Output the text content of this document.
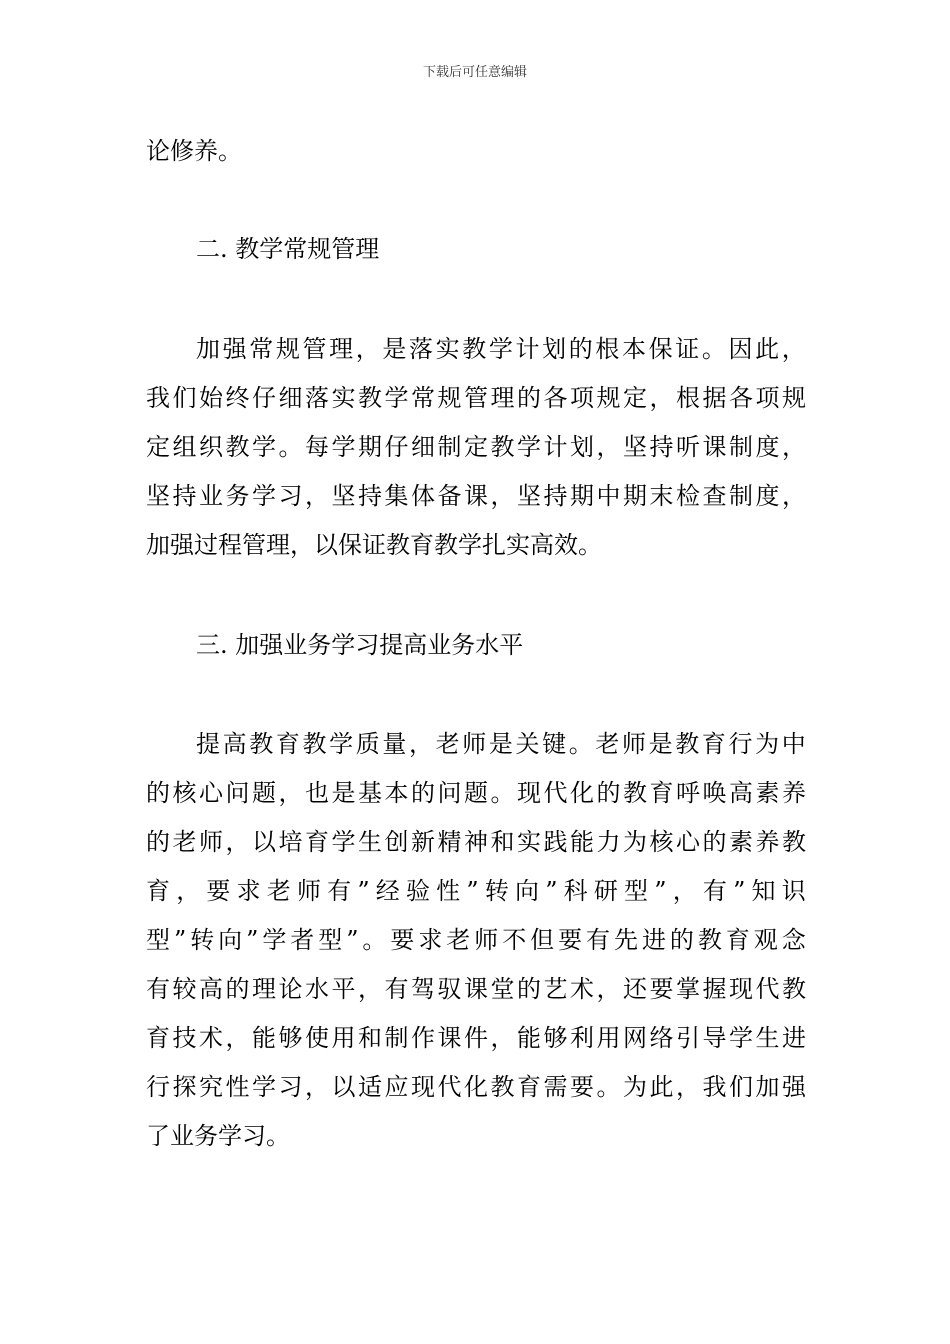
下载后可任意编辑
论修养。
二. 教学常规管理
加 强 常 规 管 理 ， 是 落 实 教 学 计 划 的 根 本 保 证 。 因 此 ，
我 们 始 终 仔 细 落 实 教 学 常 规 管 理 的 各 项 规 定 ， 根 据 各 项 规
定 组 织 教 学 。 每 学 期 仔 细 制 定 教 学 计 划 ， 坚 持 听 课 制 度 ，
坚 持 业 务 学 习 ， 坚 持 集 体 备 课 ， 坚 持 期 中 期 末 检 查 制 度 ，
加强过程管理，以保证教育教学扎实高效。
三. 加强业务学习提高业务水平
提 高 教 育 教 学 质 量 ， 老 师 是 关 键 。 老 师 是 教 育 行 为 中
的 核 心 问 题 ， 也 是 基 本 的 问 题 。 现 代 化 的 教 育 呼 唤 高 素 养
的 老 师 ， 以 培 育 学 生 创 新 精 神 和 实 践 能 力 为 核 心 的 素 养 教
育 ， 要 求 老 师 有 ” 经 验 性 ” 转 向 ” 科 研 型 ” ， 有 ” 知 识
型 ” 转 向 ” 学 者 型 ” 。 要 求 老 师 不 但 要 有 先 进 的 教 育 观 念
有 较 高 的 理 论 水 平 ， 有 驾 驭 课 堂 的 艺 术 ， 还 要 掌 握 现 代 教
育 技 术 ， 能 够 使 用 和 制 作 课 件 ， 能 够 利 用 网 络 引 导 学 生 进
行 探 究 性 学 习 ， 以 适 应 现 代 化 教 育 需 要 。 为 此 ， 我 们 加 强
了业务学习。
